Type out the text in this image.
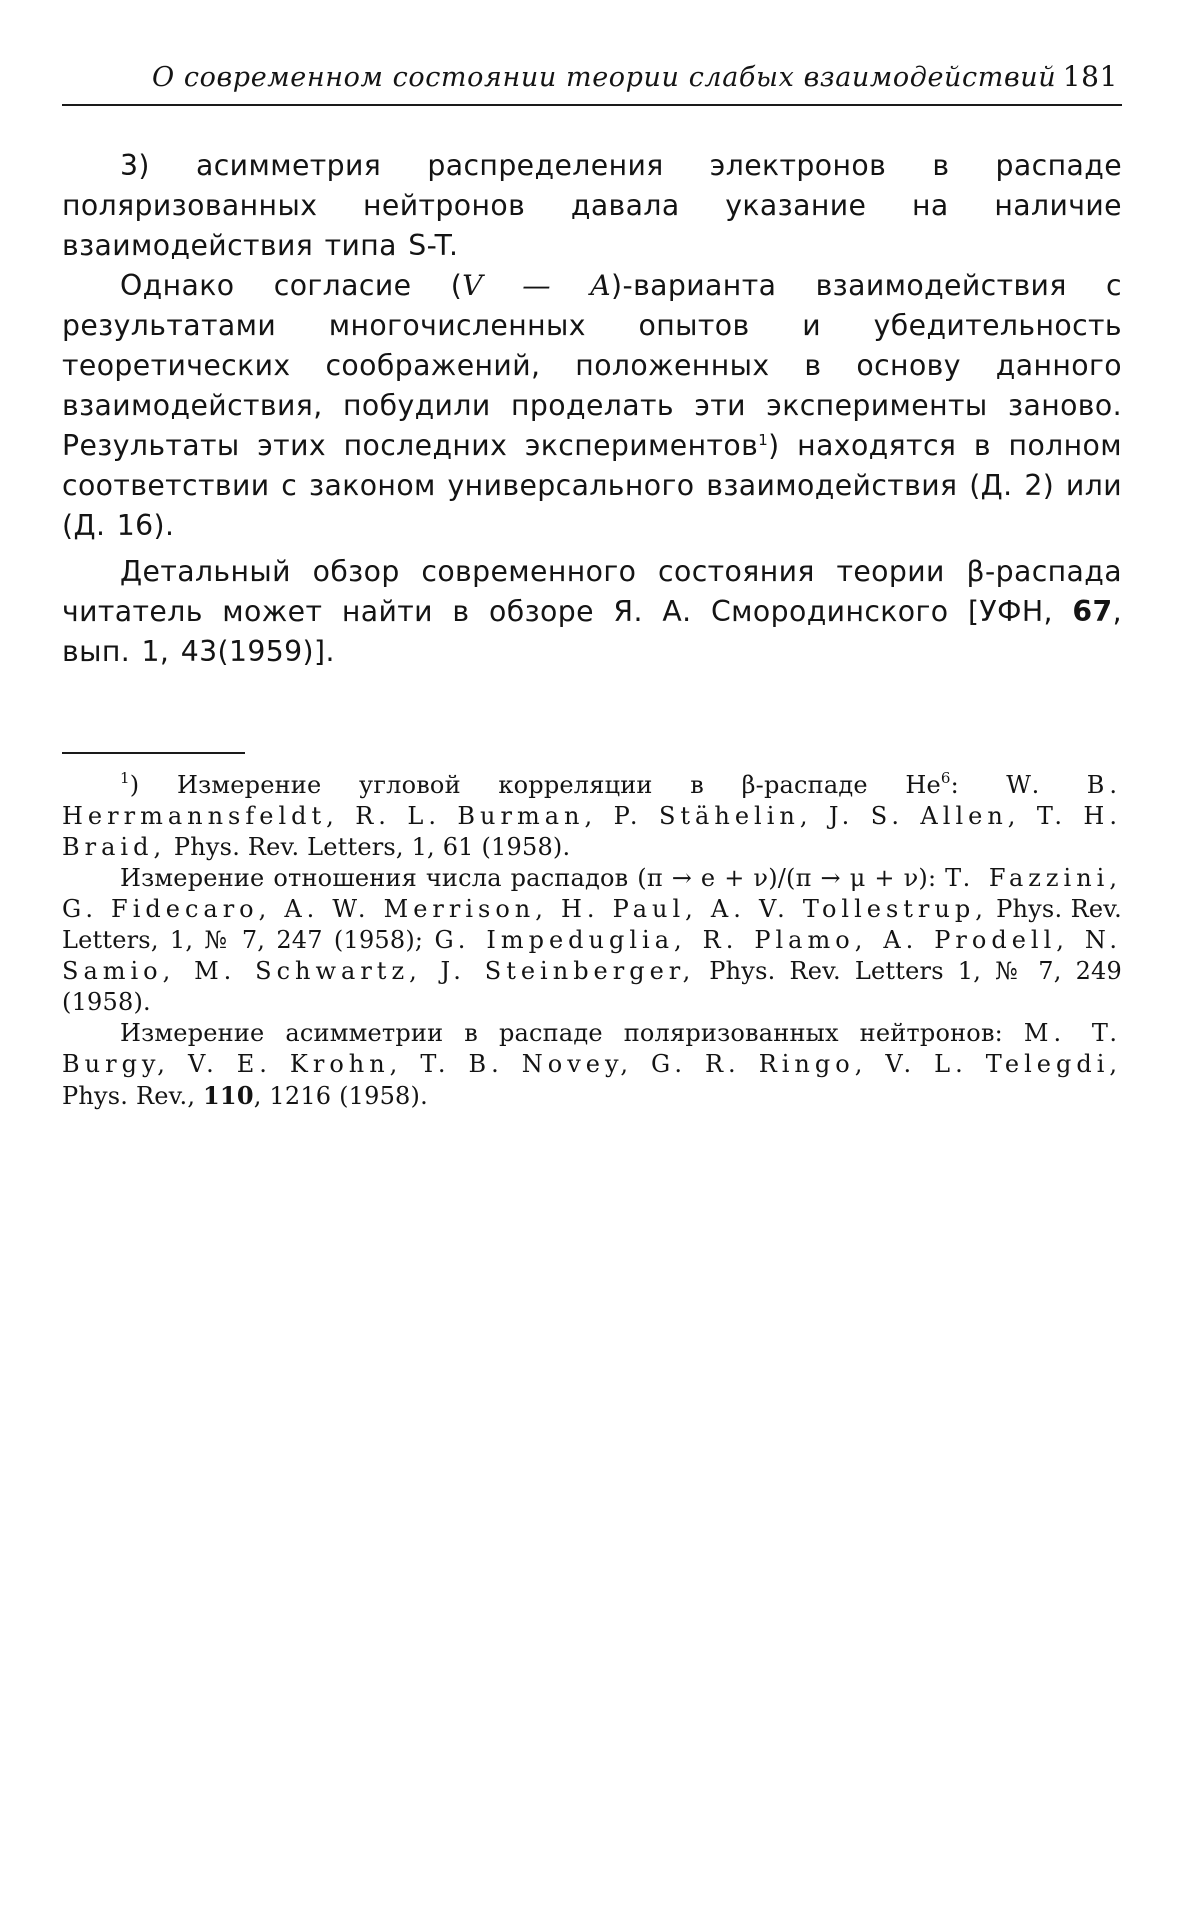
О современном состоянии теории слабых взаимодействий 181

3) асимметрия распределения электронов в распаде поляризованных нейтронов давала указание на наличие взаимодействия типа S-T.

Однако согласие (V — A)-варианта взаимодействия с результатами многочисленных опытов и убедительность теоретических соображений, положенных в основу данного взаимодействия, побудили проделать эти эксперименты заново. Результаты этих последних экспериментов$^1$) находятся в полном соответствии с законом универсального взаимодействия (Д. 2) или (Д. 16).

Детальный обзор современного состояния теории β-распада читатель может найти в обзоре Я. А. Смородинского [УФН, 67, вып. 1, 43(1959)].

$^1$) Измерение угловой корреляции в β-распаде He$^6$: W. B. Herrmannsfeldt, R. L. Burman, P. Stähelin, J. S. Allen, T. H. Braid, Phys. Rev. Letters, 1, 61 (1958).

Измерение отношения числа распадов (π → e + ν)/(π → μ + ν): T. Fazzini, G. Fidecaro, A. W. Merrison, H. Paul, A. V. Tollestrup, Phys. Rev. Letters, 1, № 7, 247 (1958); G. Impeduglia, R. Plamo, A. Prodell, N. Samio, M. Schwartz, J. Steinberger, Phys. Rev. Letters 1, № 7, 249 (1958).

Измерение асимметрии в распаде поляризованных нейтронов: M. T. Burgy, V. E. Krohn, T. B. Novey, G. R. Ringo, V. L. Telegdi, Phys. Rev., 110, 1216 (1958).
